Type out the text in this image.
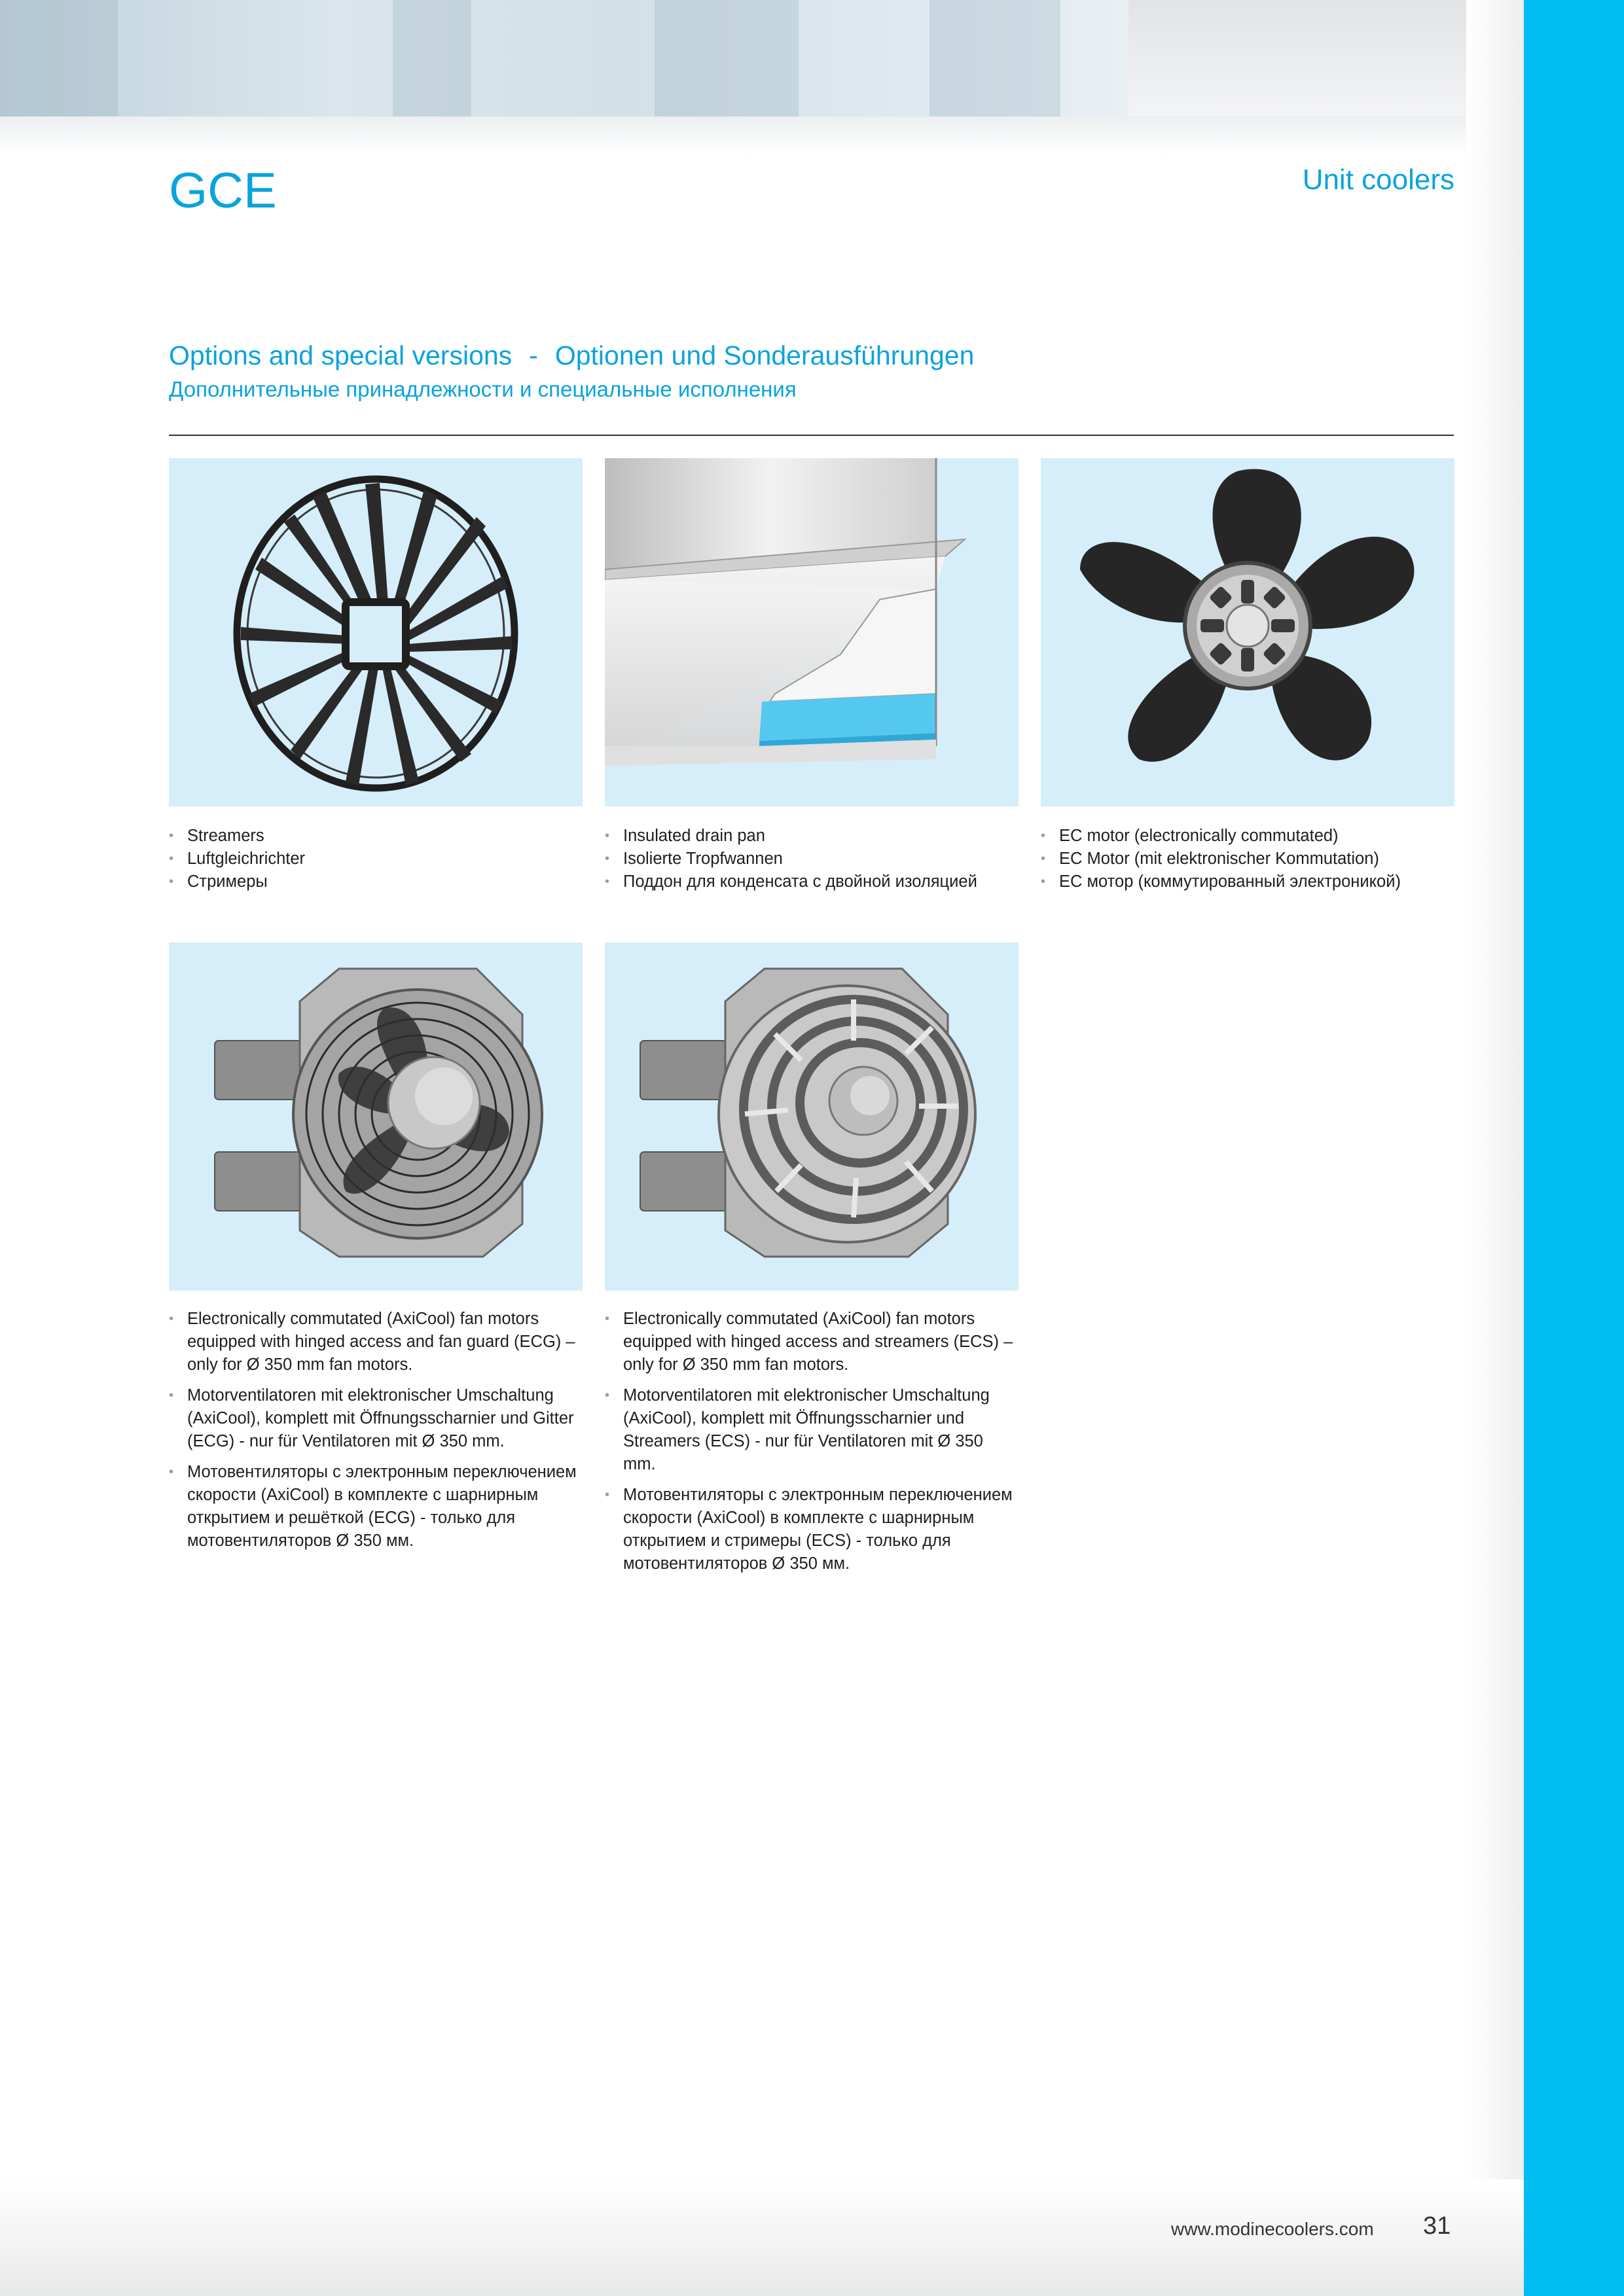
GCE	Unit coolers
Options and special versions - Optionen und Sonderausführungen
Дополнительные принадлежности и специальные исполнения
• Streamers
• Luftgleichrichter
• Стримеры
• Insulated drain pan
• Isolierte Tropfwannen
• Поддон для конденсата с двойной изоляцией
• EC motor (electronically commutated)
• EC Motor (mit elektronischer Kommutation)
• ЕС мотор (коммутированный электроникой)
• Electronically commutated (AxiCool) fan motors equipped with hinged access and fan guard (ECG) – only for Ø 350 mm fan motors.
• Motorventilatoren mit elektronischer Umschaltung (AxiCool), komplett mit Öffnungsscharnier und Gitter (ECG) - nur für Ventilatoren mit Ø 350 mm.
• Мотовентиляторы с электронным переключением скорости (AxiCool) в комплекте с шарнирным открытием и решёткой (ECG) - только для мотовентиляторов Ø 350 мм.
• Electronically commutated (AxiCool) fan motors equipped with hinged access and streamers (ECS) – only for Ø 350 mm fan motors.
• Motorventilatoren mit elektronischer Umschaltung (AxiCool), komplett mit Öffnungsscharnier und Streamers (ECS) - nur für Ventilatoren mit Ø 350 mm.
• Мотовентиляторы с электронным переключением скорости (AxiCool) в комплекте с шарнирным открытием и стримеры (ECS) - только для мотовентиляторов Ø 350 мм.
www.modinecoolers.com 31
